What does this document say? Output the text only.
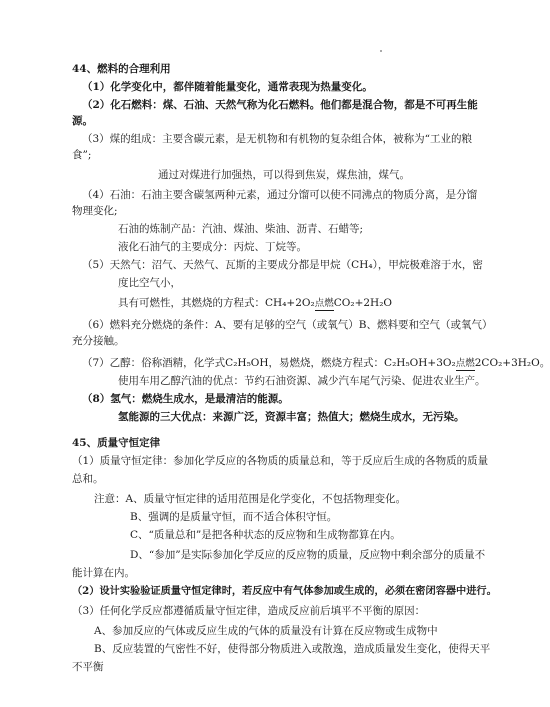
44、燃料的合理利用
（1）化学变化中，都伴随着能量变化，通常表现为热量变化。
（2）化石燃料：煤、石油、天然气称为化石燃料。他们都是混合物，都是不可再生能
源。
（3）煤的组成：主要含碳元素，是无机物和有机物的复杂组合体，被称为“工业的粮
食”;
通过对煤进行加强热，可以得到焦炭，煤焦油，煤气。
（4）石油：石油主要含碳氢两种元素，通过分馏可以使不同沸点的物质分离，是分馏
物理变化;
石油的炼制产品：汽油、煤油、柴油、沥青、石蜡等;
液化石油气的主要成分：丙烷、丁烷等。
（5）天然气：沼气、天然气、瓦斯的主要成分都是甲烷（CH₄），甲烷极难溶于水，密
度比空气小，
具有可燃性，其燃烧的方程式：CH₄+2O₂点燃CO₂+2H₂O
（6）燃料充分燃烧的条件：A、要有足够的空气（或氧气）B、燃料要和空气（或氧气）
充分接触。
（7）乙醇：俗称酒精，化学式C₂H₅OH，易燃烧，燃烧方程式：C₂H₅OH+3O₂点燃2CO₂+3H₂O。
使用车用乙醇汽油的优点：节约石油资源、减少汽车尾气污染、促进农业生产。
（8）氢气：燃烧生成水，是最清洁的能源。
氢能源的三大优点：来源广泛，资源丰富；热值大；燃烧生成水，无污染。
45、质量守恒定律
（1）质量守恒定律：参加化学反应的各物质的质量总和，等于反应后生成的各物质的质量
总和。
注意：A、质量守恒定律的适用范围是化学变化，不包括物理变化。
B、强调的是质量守恒，而不适合体积守恒。
C、“质量总和”是把各种状态的反应物和生成物都算在内。
D、“参加”是实际参加化学反应的反应物的质量，反应物中剩余部分的质量不
能计算在内。
（2）设计实验验证质量守恒定律时，若反应中有气体参加或生成的，必须在密闭容器中进行。
（3）任何化学反应都遵循质量守恒定律，造成反应前后填平不平衡的原因：
A、参加反应的气体或反应生成的气体的质量没有计算在反应物或生成物中
B、反应装置的气密性不好，使得部分物质进入或散逸，造成质量发生变化，使得天平
不平衡
